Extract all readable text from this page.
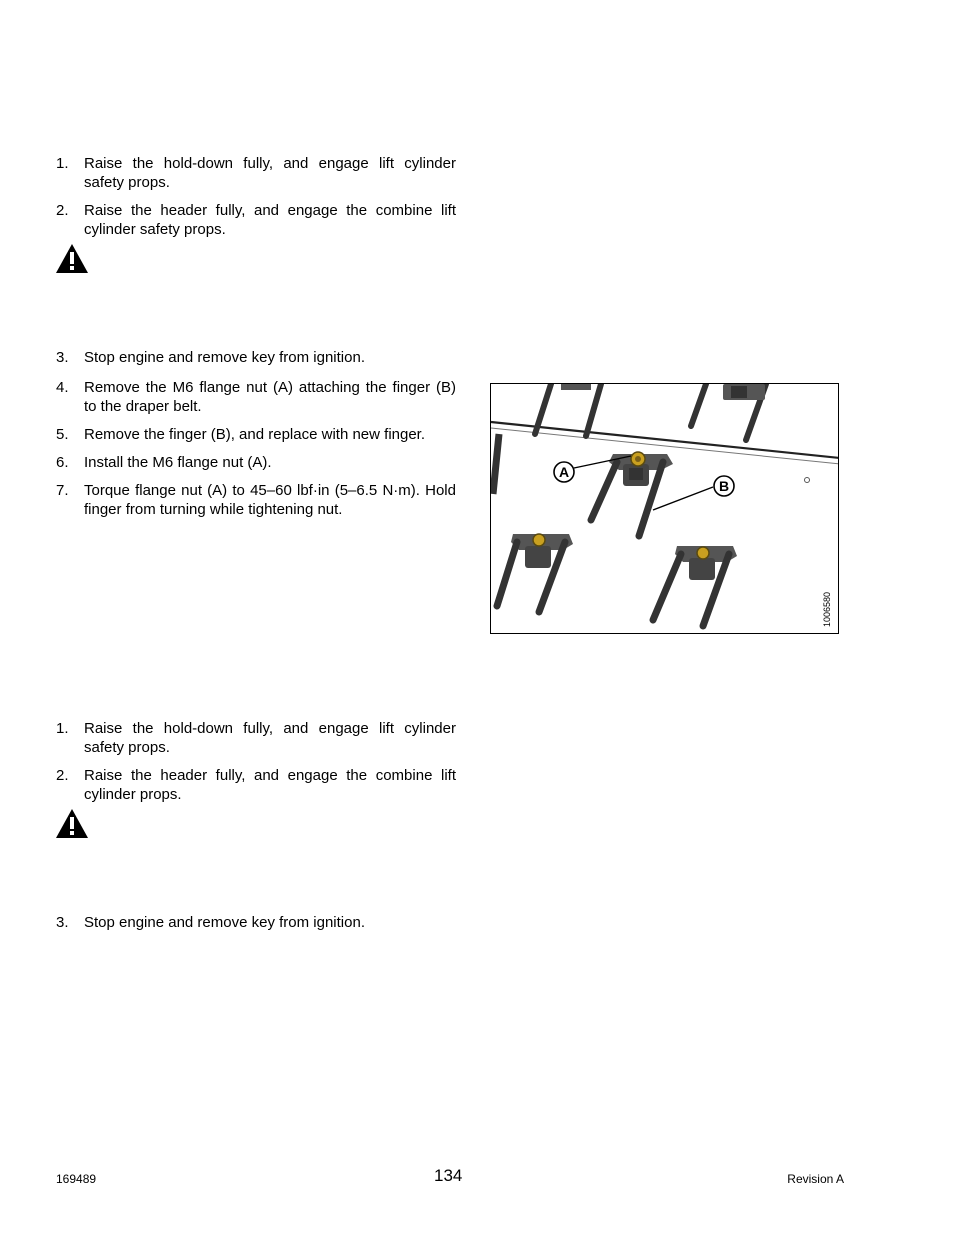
1. Raise the hold-down fully, and engage lift cylinder safety props.
2. Raise the header fully, and engage the combine lift cylinder safety props.
3. Stop engine and remove key from ignition.
4. Remove the M6 flange nut (A) attaching the finger (B) to the draper belt.
5. Remove the finger (B), and replace with new finger.
6. Install the M6 flange nut (A).
7. Torque flange nut (A) to 45–60 lbf·in (5–6.5 N·m). Hold finger from turning while tightening nut.
A
B
1006580
1. Raise the hold-down fully, and engage lift cylinder safety props.
2. Raise the header fully, and engage the combine lift cylinder props.
3. Stop engine and remove key from ignition.
169489	134	Revision A
